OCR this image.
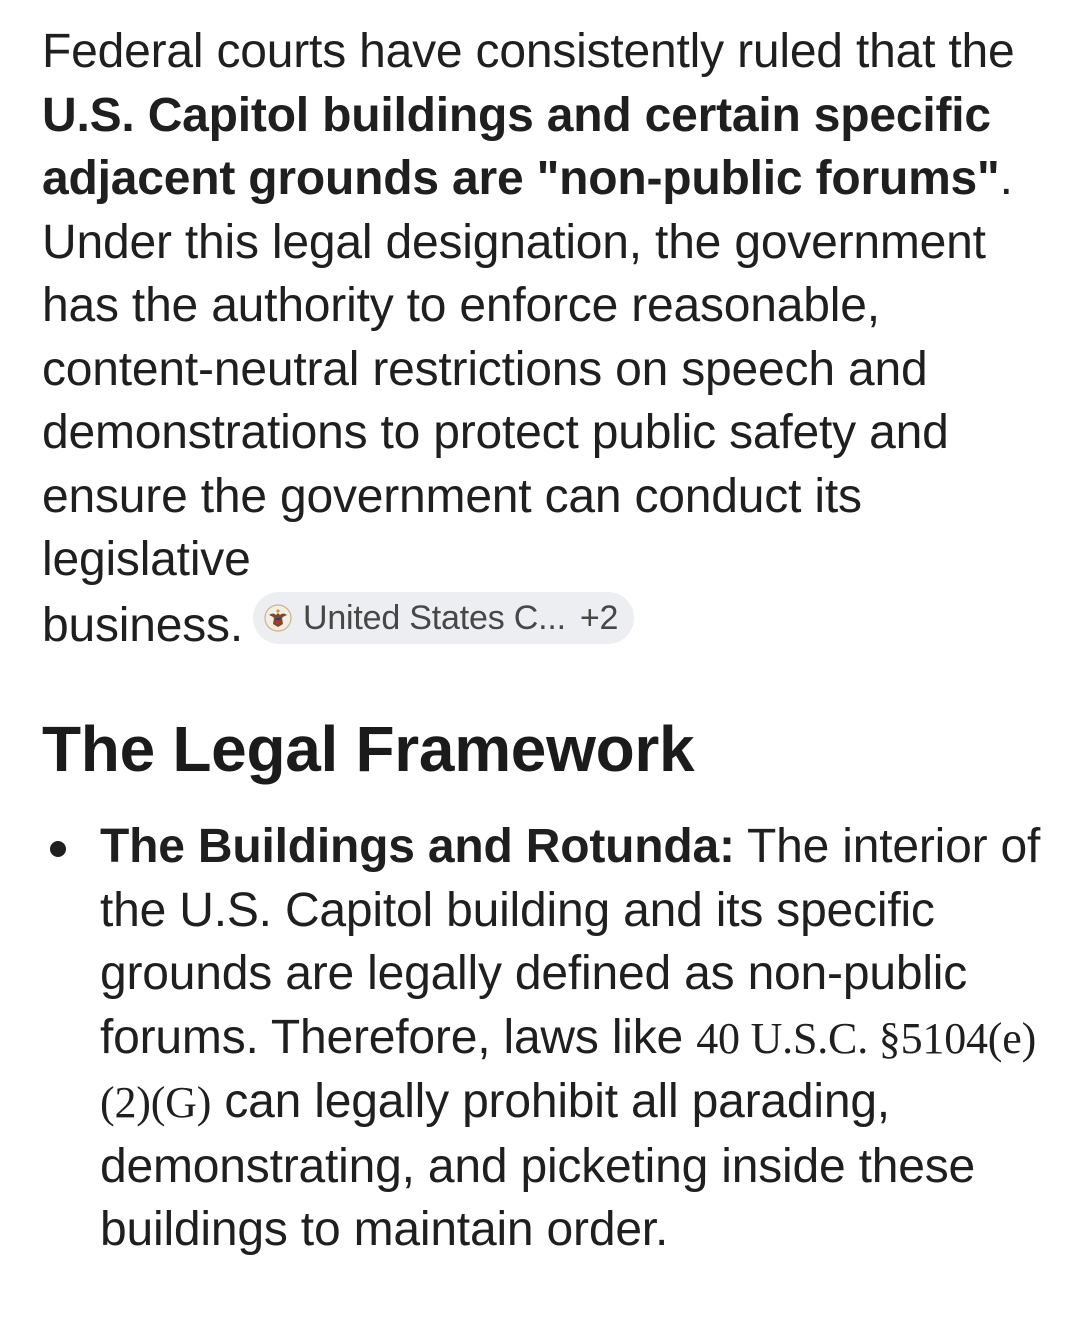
Federal courts have consistently ruled that the U.S. Capitol buildings and certain specific adjacent grounds are "non-public forums". Under this legal designation, the government has the authority to enforce reasonable, content-neutral restrictions on speech and demonstrations to protect public safety and ensure the government can conduct its legislative
business. United States C... +2

The Legal Framework
The Buildings and Rotunda: The interior of the U.S. Capitol building and its specific grounds are legally defined as non-public forums. Therefore, laws like 40 U.S.C. §5104(e)(2)(G) can legally prohibit all parading, demonstrating, and picketing inside these buildings to maintain order.
